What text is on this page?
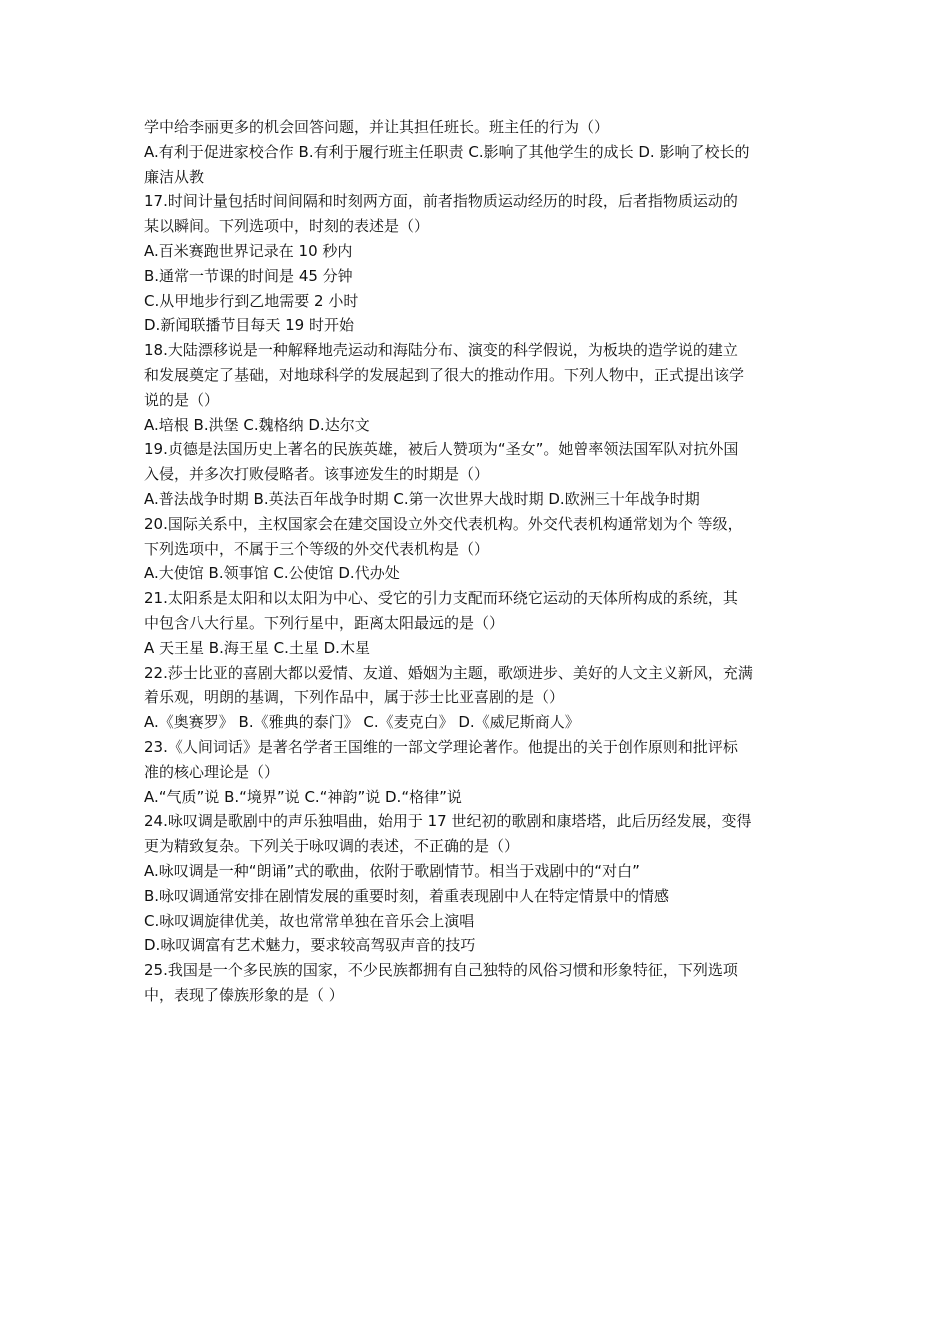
学中给李丽更多的机会回答问题，并让其担任班长。班主任的行为（）
A.有利于促进家校合作 B.有利于履行班主任职责 C.影响了其他学生的成长 D. 影响了校长的
廉洁从教
17.时间计量包括时间间隔和时刻两方面，前者指物质运动经历的时段，后者指物质运动的
某以瞬间。下列选项中，时刻的表述是（）
A.百米赛跑世界记录在 10 秒内
B.通常一节课的时间是 45 分钟
C.从甲地步行到乙地需要 2 小时
D.新闻联播节目每天 19 时开始
18.大陆漂移说是一种解释地壳运动和海陆分布、演变的科学假说，为板块的造学说的建立
和发展奠定了基础，对地球科学的发展起到了很大的推动作用。下列人物中，正式提出该学
说的是（）
A.培根 B.洪堡 C.魏格纳 D.达尔文
19.贞德是法国历史上著名的民族英雄，被后人赞项为“圣女”。她曾率领法国军队对抗外国
入侵，并多次打败侵略者。该事迹发生的时期是（）
A.普法战争时期 B.英法百年战争时期 C.第一次世界大战时期 D.欧洲三十年战争时期
20.国际关系中，主权国家会在建交国设立外交代表机构。外交代表机构通常划为个 等级，
下列选项中，不属于三个等级的外交代表机构是（）
A.大使馆 B.领事馆 C.公使馆 D.代办处
21.太阳系是太阳和以太阳为中心、受它的引力支配而环绕它运动的天体所构成的系统，其
中包含八大行星。下列行星中，距离太阳最远的是（）
A 天王星 B.海王星 C.土星 D.木星
22.莎士比亚的喜剧大都以爱情、友道、婚姻为主题，歌颂进步、美好的人文主义新风，充满
着乐观，明朗的基调，下列作品中，属于莎士比亚喜剧的是（）
A.《奥赛罗》 B.《雅典的泰门》 C.《麦克白》 D.《威尼斯商人》
23.《人间词话》是著名学者王国维的一部文学理论著作。他提出的关于创作原则和批评标
准的核心理论是（）
A.“气质”说 B.“境界”说 C.“神韵”说 D.“格律”说
24.咏叹调是歌剧中的声乐独唱曲，始用于 17 世纪初的歌剧和康塔塔，此后历经发展，变得
更为精致复杂。下列关于咏叹调的表述，不正确的是（）
A.咏叹调是一种“朗诵”式的歌曲，依附于歌剧情节。相当于戏剧中的“对白”
B.咏叹调通常安排在剧情发展的重要时刻，着重表现剧中人在特定情景中的情感
C.咏叹调旋律优美，故也常常单独在音乐会上演唱
D.咏叹调富有艺术魅力，要求较高驾驭声音的技巧
25.我国是一个多民族的国家，不少民族都拥有自己独特的风俗习惯和形象特征，下列选项
中，表现了傣族形象的是（ ）
